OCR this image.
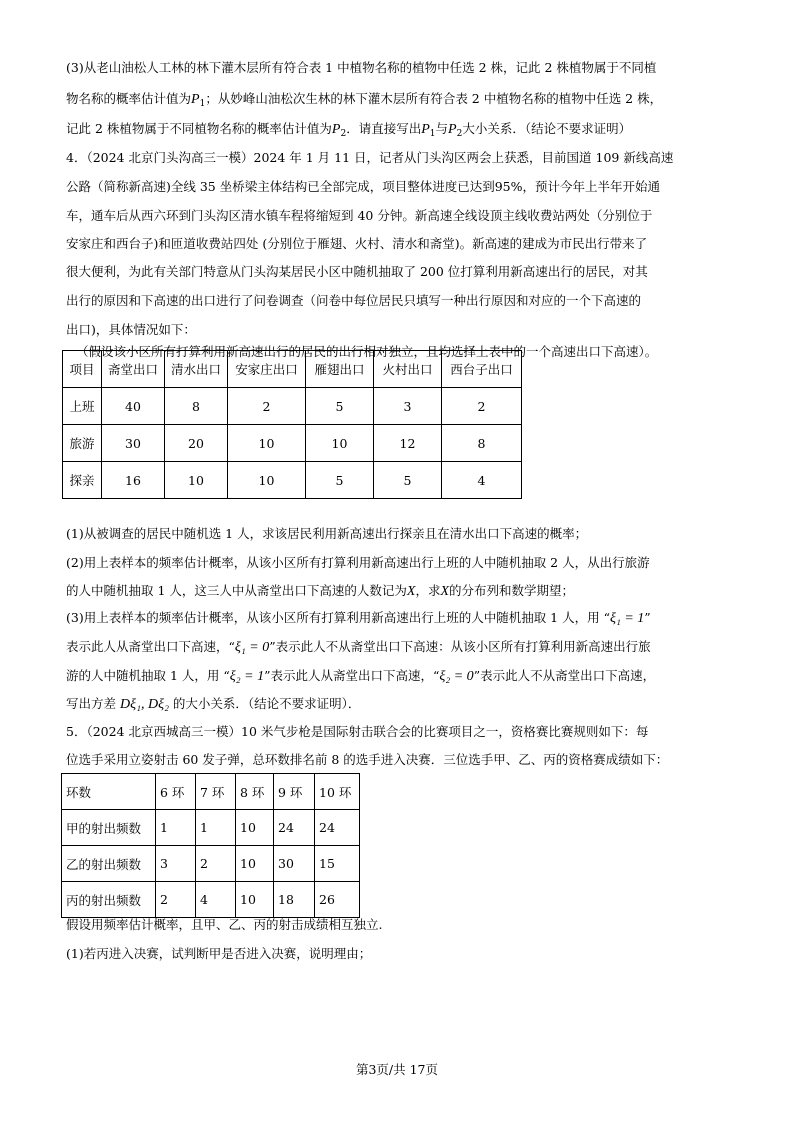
(3)从老山油松人工林的林下灌木层所有符合表 1 中植物名称的植物中任选 2 株，记此 2 株植物属于不同植
物名称的概率估计值为$P_1$；从妙峰山油松次生林的林下灌木层所有符合表 2 中植物名称的植物中任选 2 株，
记此 2 株植物属于不同植物名称的概率估计值为$P_2$．请直接写出$P_1$与$P_2$大小关系．（结论不要求证明）
4．（2024 北京门头沟高三一模）2024 年 1 月 11 日，记者从门头沟区两会上获悉，目前国道 109 新线高速
公路（简称新高速)全线 35 坐桥梁主体结构已全部完成，项目整体进度已达到95%，预计今年上半年开始通
车，通车后从西六环到门头沟区清水镇车程将缩短到 40 分钟。新高速全线设顶主线收费站两处（分别位于
安家庄和西台子)和匝道收费站四处 (分别位于雁翅、火村、清水和斋堂)。新高速的建成为市民出行带来了
很大便利，为此有关部门特意从门头沟某居民小区中随机抽取了 200 位打算利用新高速出行的居民，对其
出行的原因和下高速的出口进行了问卷调查（问卷中每位居民只填写一种出行原因和对应的一个下高速的
出口)，具体情况如下：
（假设该小区所有打算利用新高速出行的居民的出行相对独立，且均选择上表中的一个高速出口下高速）。
项目	斋堂出口	清水出口	安家庄出口	雁翅出口	火村出口	西台子出口
上班	40	8	2	5	3	2
旅游	30	20	10	10	12	8
探亲	16	10	10	5	5	4
(1)从被调查的居民中随机选 1 人，求该居民利用新高速出行探亲且在清水出口下高速的概率；
(2)用上表样本的频率估计概率，从该小区所有打算利用新高速出行上班的人中随机抽取 2 人，从出行旅游
的人中随机抽取 1 人，这三人中从斋堂出口下高速的人数记为X，求X的分布列和数学期望；
(3)用上表样本的频率估计概率，从该小区所有打算利用新高速出行上班的人中随机抽取 1 人，用 “ξ₁ = 1”
表示此人从斋堂出口下高速，“ξ₁ = 0”表示此人不从斋堂出口下高速：从该小区所有打算利用新高速出行旅
游的人中随机抽取 1 人，用 “ξ₂ = 1”表示此人从斋堂出口下高速，“ξ₂ = 0”表示此人不从斋堂出口下高速，
写出方差 Dξ₁, Dξ₂ 的大小关系．（结论不要求证明）．
5．（2024 北京西城高三一模）10 米气步枪是国际射击联合会的比赛项目之一，资格赛比赛规则如下：每
位选手采用立姿射击 60 发子弹，总环数排名前 8 的选手进入决赛．三位选手甲、乙、丙的资格赛成绩如下：
环数	6 环	7 环	8 环	9 环	10 环
甲的射出频数	1	1	10	24	24
乙的射出频数	3	2	10	30	15
丙的射出频数	2	4	10	18	26
假设用频率估计概率，且甲、乙、丙的射击成绩相互独立.
(1)若丙进入决赛，试判断甲是否进入决赛，说明理由；
第3页/共 17页
